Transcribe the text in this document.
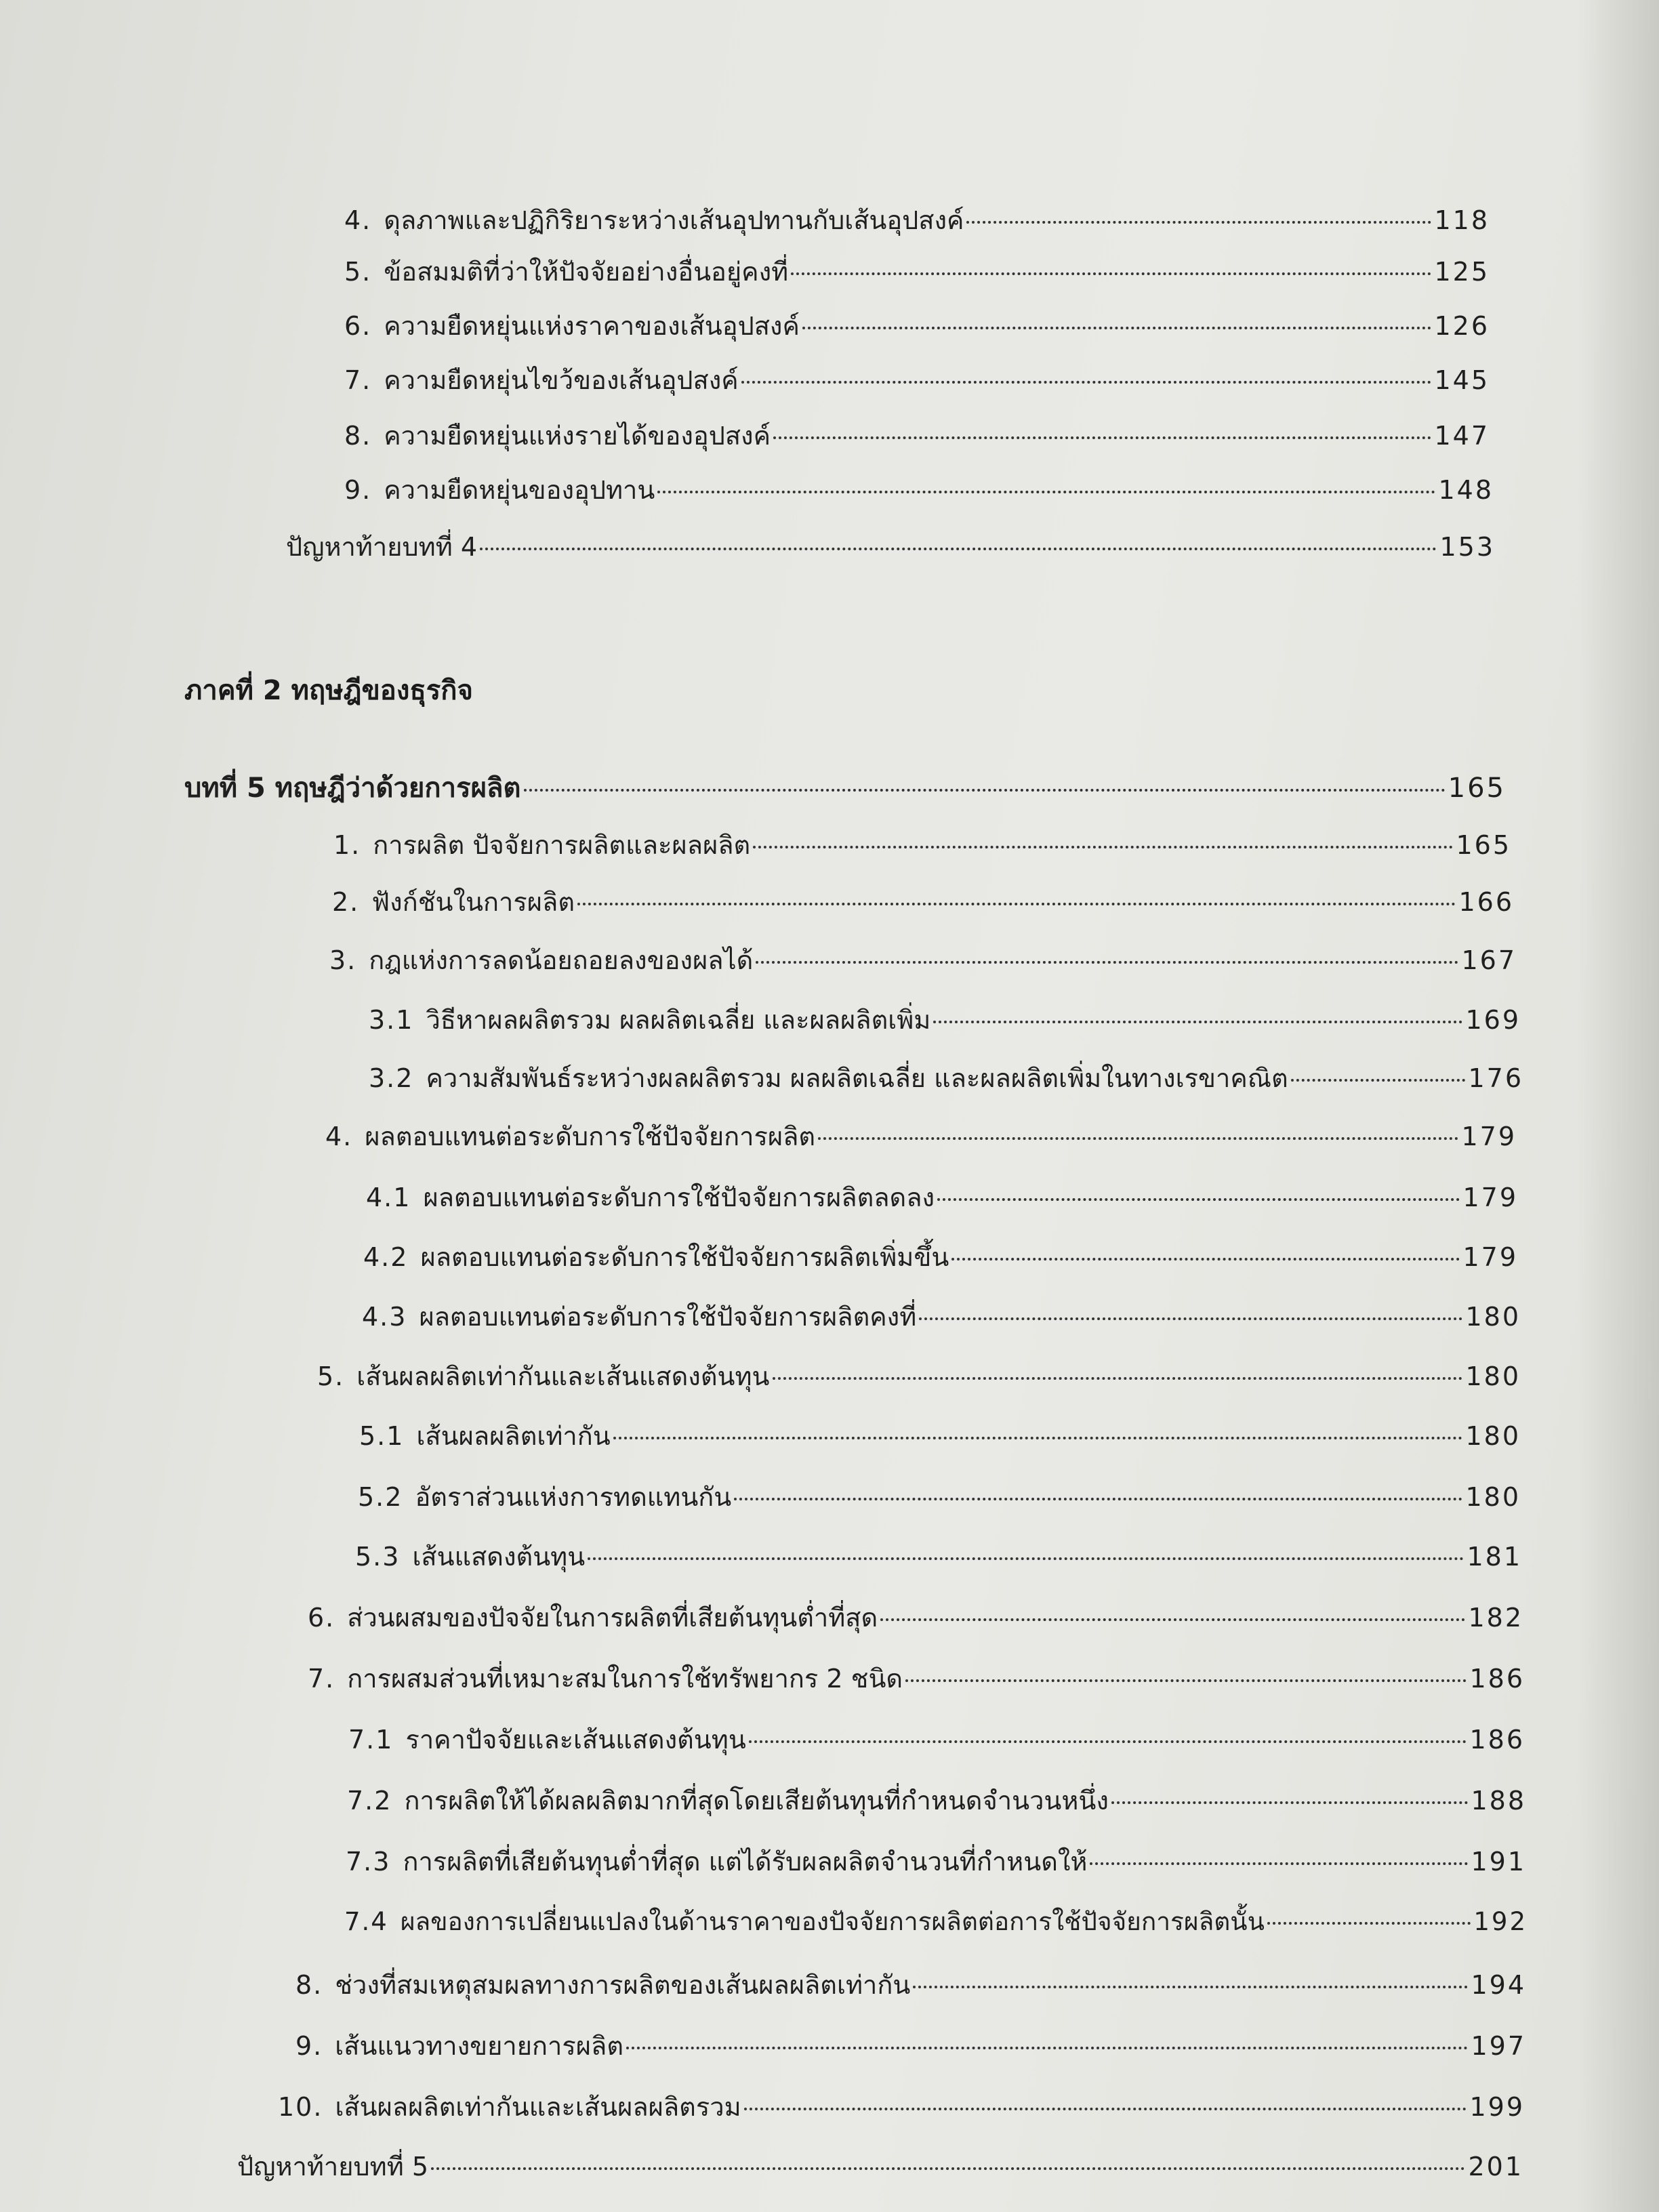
4. ดุลภาพและปฏิกิริยาระหว่างเส้นอุปทานกับเส้นอุปสงค์	118
5. ข้อสมมติที่ว่าให้ปัจจัยอย่างอื่นอยู่คงที่	125
6. ความยืดหยุ่นแห่งราคาของเส้นอุปสงค์	126
7. ความยืดหยุ่นไขว้ของเส้นอุปสงค์	145
8. ความยืดหยุ่นแห่งรายได้ของอุปสงค์	147
9. ความยืดหยุ่นของอุปทาน	148
ปัญหาท้ายบทที่ 4	153
ภาคที่ 2 ทฤษฎีของธุรกิจ
บทที่ 5 ทฤษฎีว่าด้วยการผลิต	165
1. การผลิต ปัจจัยการผลิตและผลผลิต	165
2. ฟังก์ชันในการผลิต	166
3. กฎแห่งการลดน้อยถอยลงของผลได้	167
3.1 วิธีหาผลผลิตรวม ผลผลิตเฉลี่ย และผลผลิตเพิ่ม	169
3.2 ความสัมพันธ์ระหว่างผลผลิตรวม ผลผลิตเฉลี่ย และผลผลิตเพิ่มในทางเรขาคณิต	176
4. ผลตอบแทนต่อระดับการใช้ปัจจัยการผลิต	179
4.1 ผลตอบแทนต่อระดับการใช้ปัจจัยการผลิตลดลง	179
4.2 ผลตอบแทนต่อระดับการใช้ปัจจัยการผลิตเพิ่มขึ้น	179
4.3 ผลตอบแทนต่อระดับการใช้ปัจจัยการผลิตคงที่	180
5. เส้นผลผลิตเท่ากันและเส้นแสดงต้นทุน	180
5.1 เส้นผลผลิตเท่ากัน	180
5.2 อัตราส่วนแห่งการทดแทนกัน	180
5.3 เส้นแสดงต้นทุน	181
6. ส่วนผสมของปัจจัยในการผลิตที่เสียต้นทุนต่ำที่สุด	182
7. การผสมส่วนที่เหมาะสมในการใช้ทรัพยากร 2 ชนิด	186
7.1 ราคาปัจจัยและเส้นแสดงต้นทุน	186
7.2 การผลิตให้ได้ผลผลิตมากที่สุดโดยเสียต้นทุนที่กำหนดจำนวนหนึ่ง	188
7.3 การผลิตที่เสียต้นทุนต่ำที่สุด แต่ได้รับผลผลิตจำนวนที่กำหนดให้	191
7.4 ผลของการเปลี่ยนแปลงในด้านราคาของปัจจัยการผลิตต่อการใช้ปัจจัยการผลิตนั้น	192
8. ช่วงที่สมเหตุสมผลทางการผลิตของเส้นผลผลิตเท่ากัน	194
9. เส้นแนวทางขยายการผลิต	197
10. เส้นผลผลิตเท่ากันและเส้นผลผลิตรวม	199
ปัญหาท้ายบทที่ 5	201
